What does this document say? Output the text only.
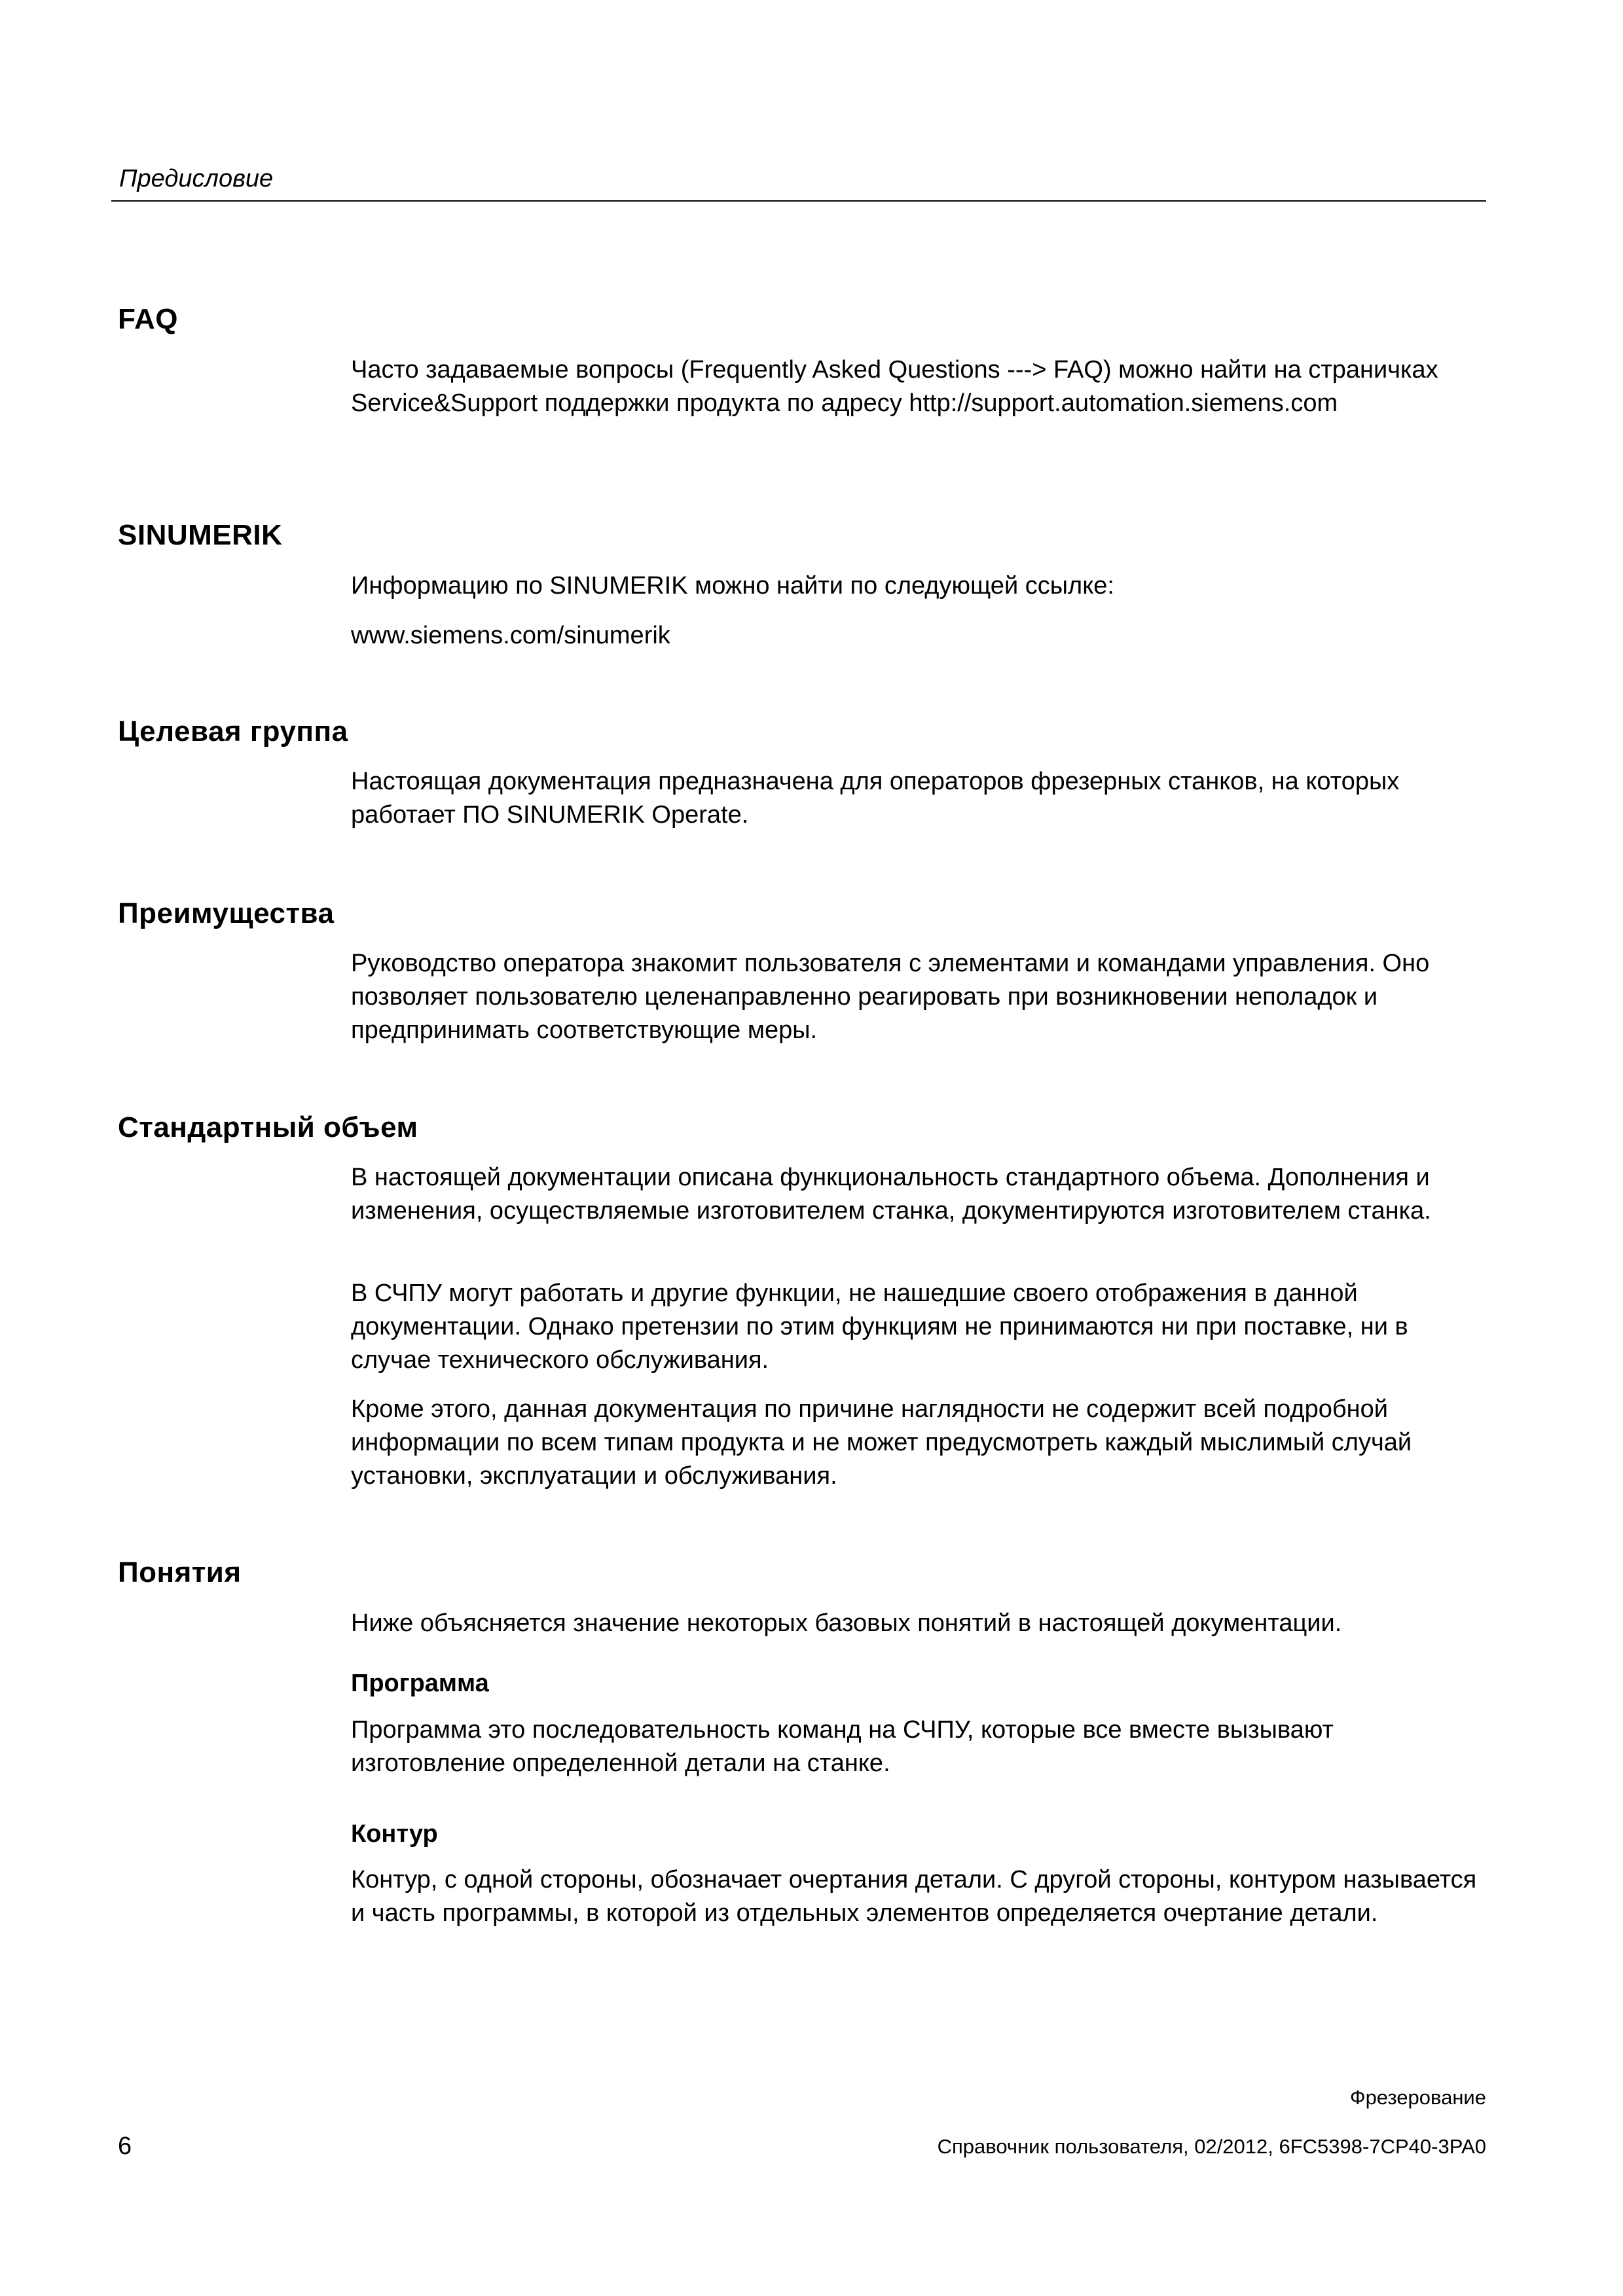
Предисловие
FAQ

Часто задаваемые вопросы (Frequently Asked Questions ---> FAQ) можно найти на страничках Service&Support поддержки продукта по адресу http://support.automation.siemens.com

SINUMERIK

Информацию по SINUMERIK можно найти по следующей ссылке:

www.siemens.com/sinumerik

Целевая группа

Настоящая документация предназначена для операторов фрезерных станков, на которых работает ПО SINUMERIK Operate.

Преимущества

Руководство оператора знакомит пользователя с элементами и командами управления. Оно позволяет пользователю целенаправленно реагировать при возникновении неполадок и предпринимать соответствующие меры.

Стандартный объем

В настоящей документации описана функциональность стандартного объема. Дополнения и изменения, осуществляемые изготовителем станка, документируются изготовителем станка.

В СЧПУ могут работать и другие функции, не нашедшие своего отображения в данной документации. Однако претензии по этим функциям не принимаются ни при поставке, ни в случае технического обслуживания.

Кроме этого, данная документация по причине наглядности не содержит всей подробной информации по всем типам продукта и не может предусмотреть каждый мыслимый случай установки, эксплуатации и обслуживания.

Понятия

Ниже объясняется значение некоторых базовых понятий в настоящей документации.

Программа

Программа это последовательность команд на СЧПУ, которые все вместе вызывают изготовление определенной детали на станке.

Контур

Контур, с одной стороны, обозначает очертания детали. С другой стороны, контуром называется и часть программы, в которой из отдельных элементов определяется очертание детали.

Фрезерование
Справочник пользователя, 02/2012, 6FC5398-7CP40-3PA0
6
